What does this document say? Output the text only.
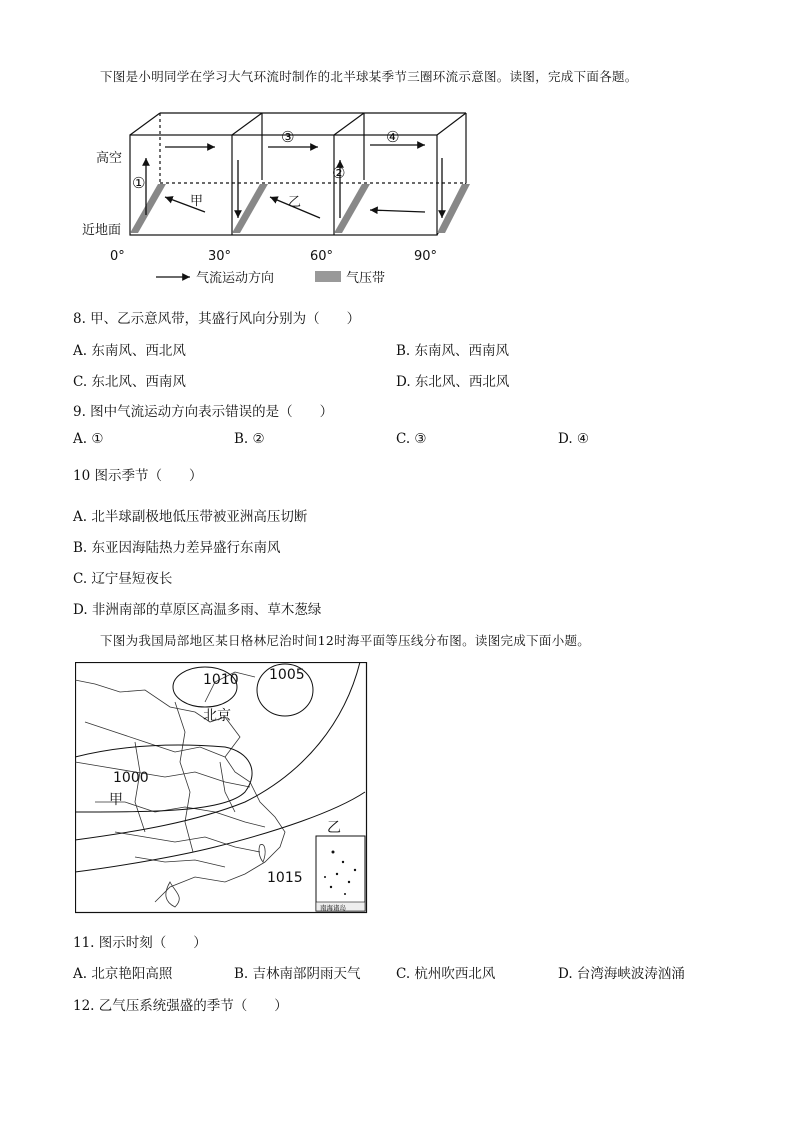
下图是小明同学在学习大气环流时制作的北半球某季节三圈环流示意图。读图，完成下面各题。
高空
近地面
0°	30°	60°	90°
①
②
③	④
甲	乙
气流运动方向	气压带
8. 甲、乙示意风带，其盛行风向分别为（　　）
A. 东南风、西北风	B. 东南风、西南风
C. 东北风、西南风	D. 东北风、西北风
9. 图中气流运动方向表示错误的是（　　）
A. ①	B. ②	C. ③	D. ④
10 图示季节（　　）
A. 北半球副极地低压带被亚洲高压切断
B. 东亚因海陆热力差异盛行东南风
C. 辽宁昼短夜长
D. 非洲南部的草原区高温多雨、草木葱绿
下图为我国局部地区某日格林尼治时间12时海平面等压线分布图。读图完成下面小题。
南海诸岛
1010 1005
北京
1000
甲
乙
1015
11. 图示时刻（　　）
A. 北京艳阳高照	B. 吉林南部阴雨天气	C. 杭州吹西北风	D. 台湾海峡波涛汹涌
12. 乙气压系统强盛的季节（　　）
